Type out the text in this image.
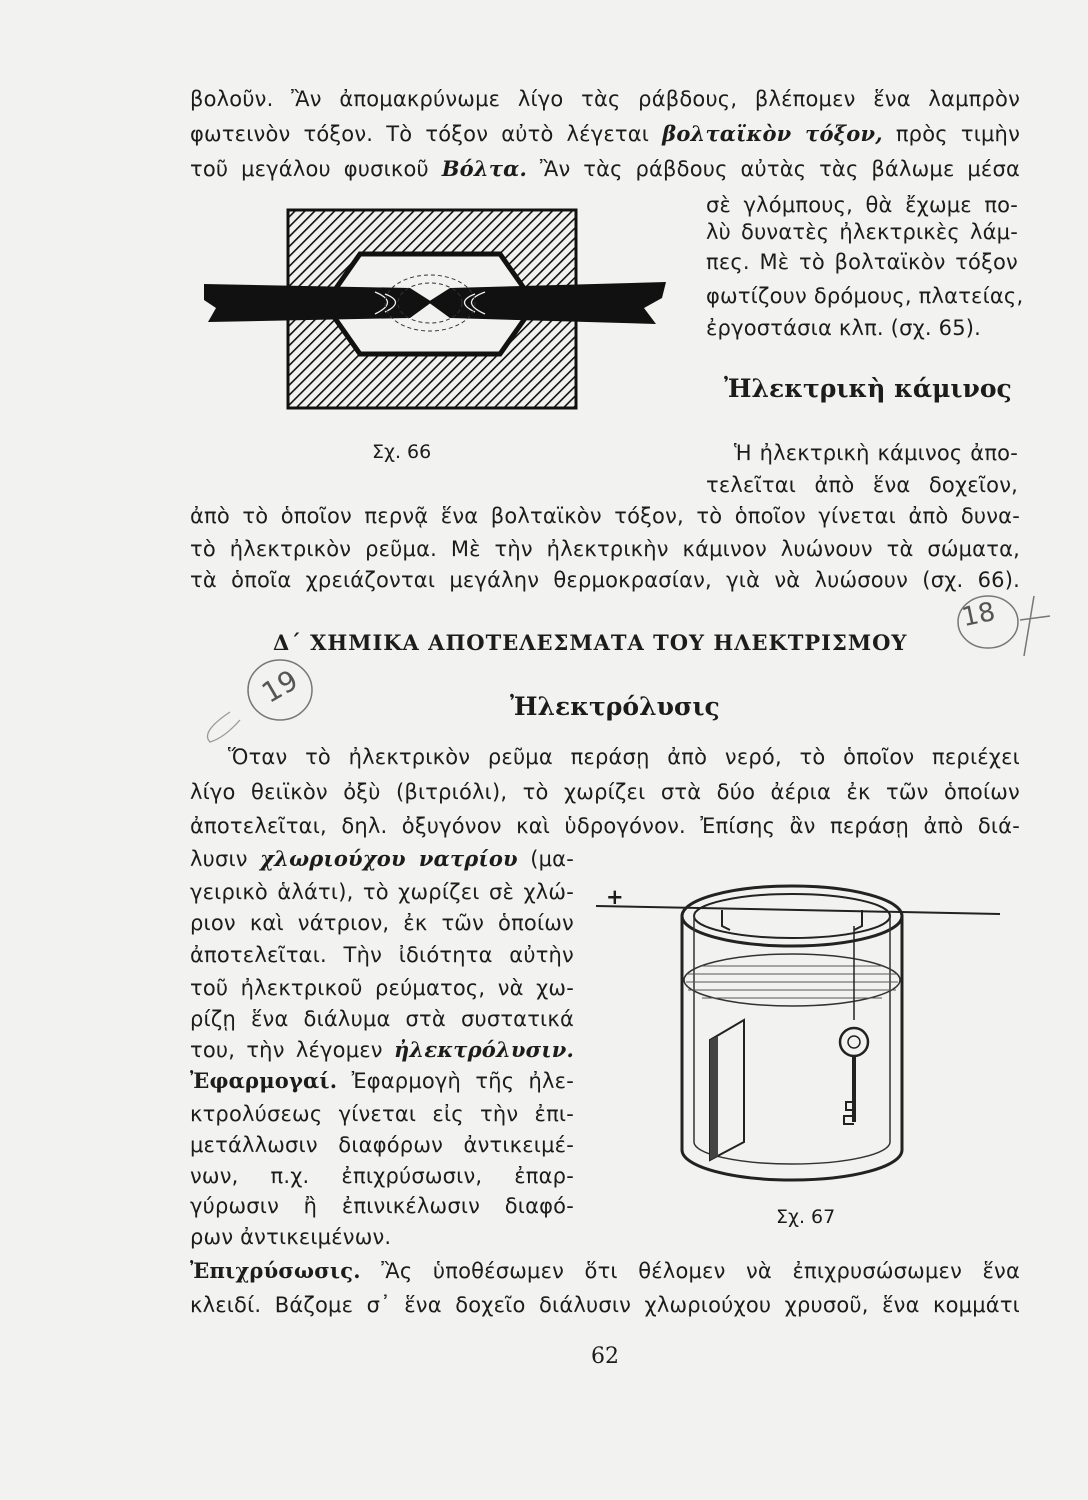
βολοῦν. Ἂν ἀπομακρύνωμε λίγο τὰς ράβδους, βλέπομεν ἕνα λαμπρὸν
φωτεινὸν τόξον. Τὸ τόξον αὐτὸ λέγεται βολταϊκὸν τόξον, πρὸς τιμὴν
τοῦ μεγάλου φυσικοῦ Βόλτα. Ἂν τὰς ράβδους αὐτὰς τὰς βάλωμε μέσα
σὲ γλόμπους, θὰ ἔχωμε πο-
λὺ δυνατὲς ἠλεκτρικὲς λάμ-
πες. Μὲ τὸ βολταϊκὸν τόξον
φωτίζουν δρόμους, πλατείας,
ἐργοστάσια κλπ. (σχ. 65).
Ἠλεκτρικὴ κάμινος
Σχ. 66	Ἡ ἠλεκτρικὴ κάμινος ἀπο-
τελεῖται ἀπὸ ἕνα δοχεῖον,
ἀπὸ τὸ ὁποῖον περνᾷ ἕνα βολταϊκὸν τόξον, τὸ ὁποῖον γίνεται ἀπὸ δυνα-
τὸ ἠλεκτρικὸν ρεῦμα. Μὲ τὴν ἠλεκτρικὴν κάμινον λυώνουν τὰ σώματα,
τὰ ὁποῖα χρειάζονται μεγάλην θερμοκρασίαν, γιὰ νὰ λυώσουν (σχ. 66).
18
Δ΄ ΧΗΜΙΚΑ ΑΠΟΤΕΛΕΣΜΑΤΑ ΤΟΥ ΗΛΕΚΤΡΙΣΜΟΥ
19	Ἠλεκτρόλυσις
Ὅταν τὸ ἠλεκτρικὸν ρεῦμα περάσῃ ἀπὸ νερό, τὸ ὁποῖον περιέχει
λίγο θειϊκὸν ὀξὺ (βιτριόλι), τὸ χωρίζει στὰ δύο ἀέρια ἐκ τῶν ὁποίων
ἀποτελεῖται, δηλ. ὀξυγόνον καὶ ὑδρογόνον. Ἐπίσης ἂν περάσῃ ἀπὸ διά-
λυσιν χλωριούχου νατρίου (μα-
γειρικὸ ἁλάτι), τὸ χωρίζει σὲ χλώ-
ριον καὶ νάτριον, ἐκ τῶν ὁποίων
ἀποτελεῖται. Τὴν ἰδιότητα αὐτὴν
τοῦ ἠλεκτρικοῦ ρεύματος, νὰ χω-
ρίζῃ ἕνα διάλυμα στὰ συστατικά
του, τὴν λέγομεν ἠλεκτρόλυσιν.
Ἐφαρμογαί. Ἐφαρμογὴ τῆς ἠλε-
κτρολύσεως γίνεται εἰς τὴν ἐπι-
μετάλλωσιν διαφόρων ἀντικειμέ-
νων, π.χ. ἐπιχρύσωσιν, ἐπαρ-
γύρωσιν ἢ ἐπινικέλωσιν διαφό-
ρων ἀντικειμένων.
+
Σχ. 67
Ἐπιχρύσωσις. Ἂς ὑποθέσωμεν ὅτι θέλομεν νὰ ἐπιχρυσώσωμεν ἕνα
κλειδί. Βάζομε σ᾽ ἕνα δοχεῖο διάλυσιν χλωριούχου χρυσοῦ, ἕνα κομμάτι
62
